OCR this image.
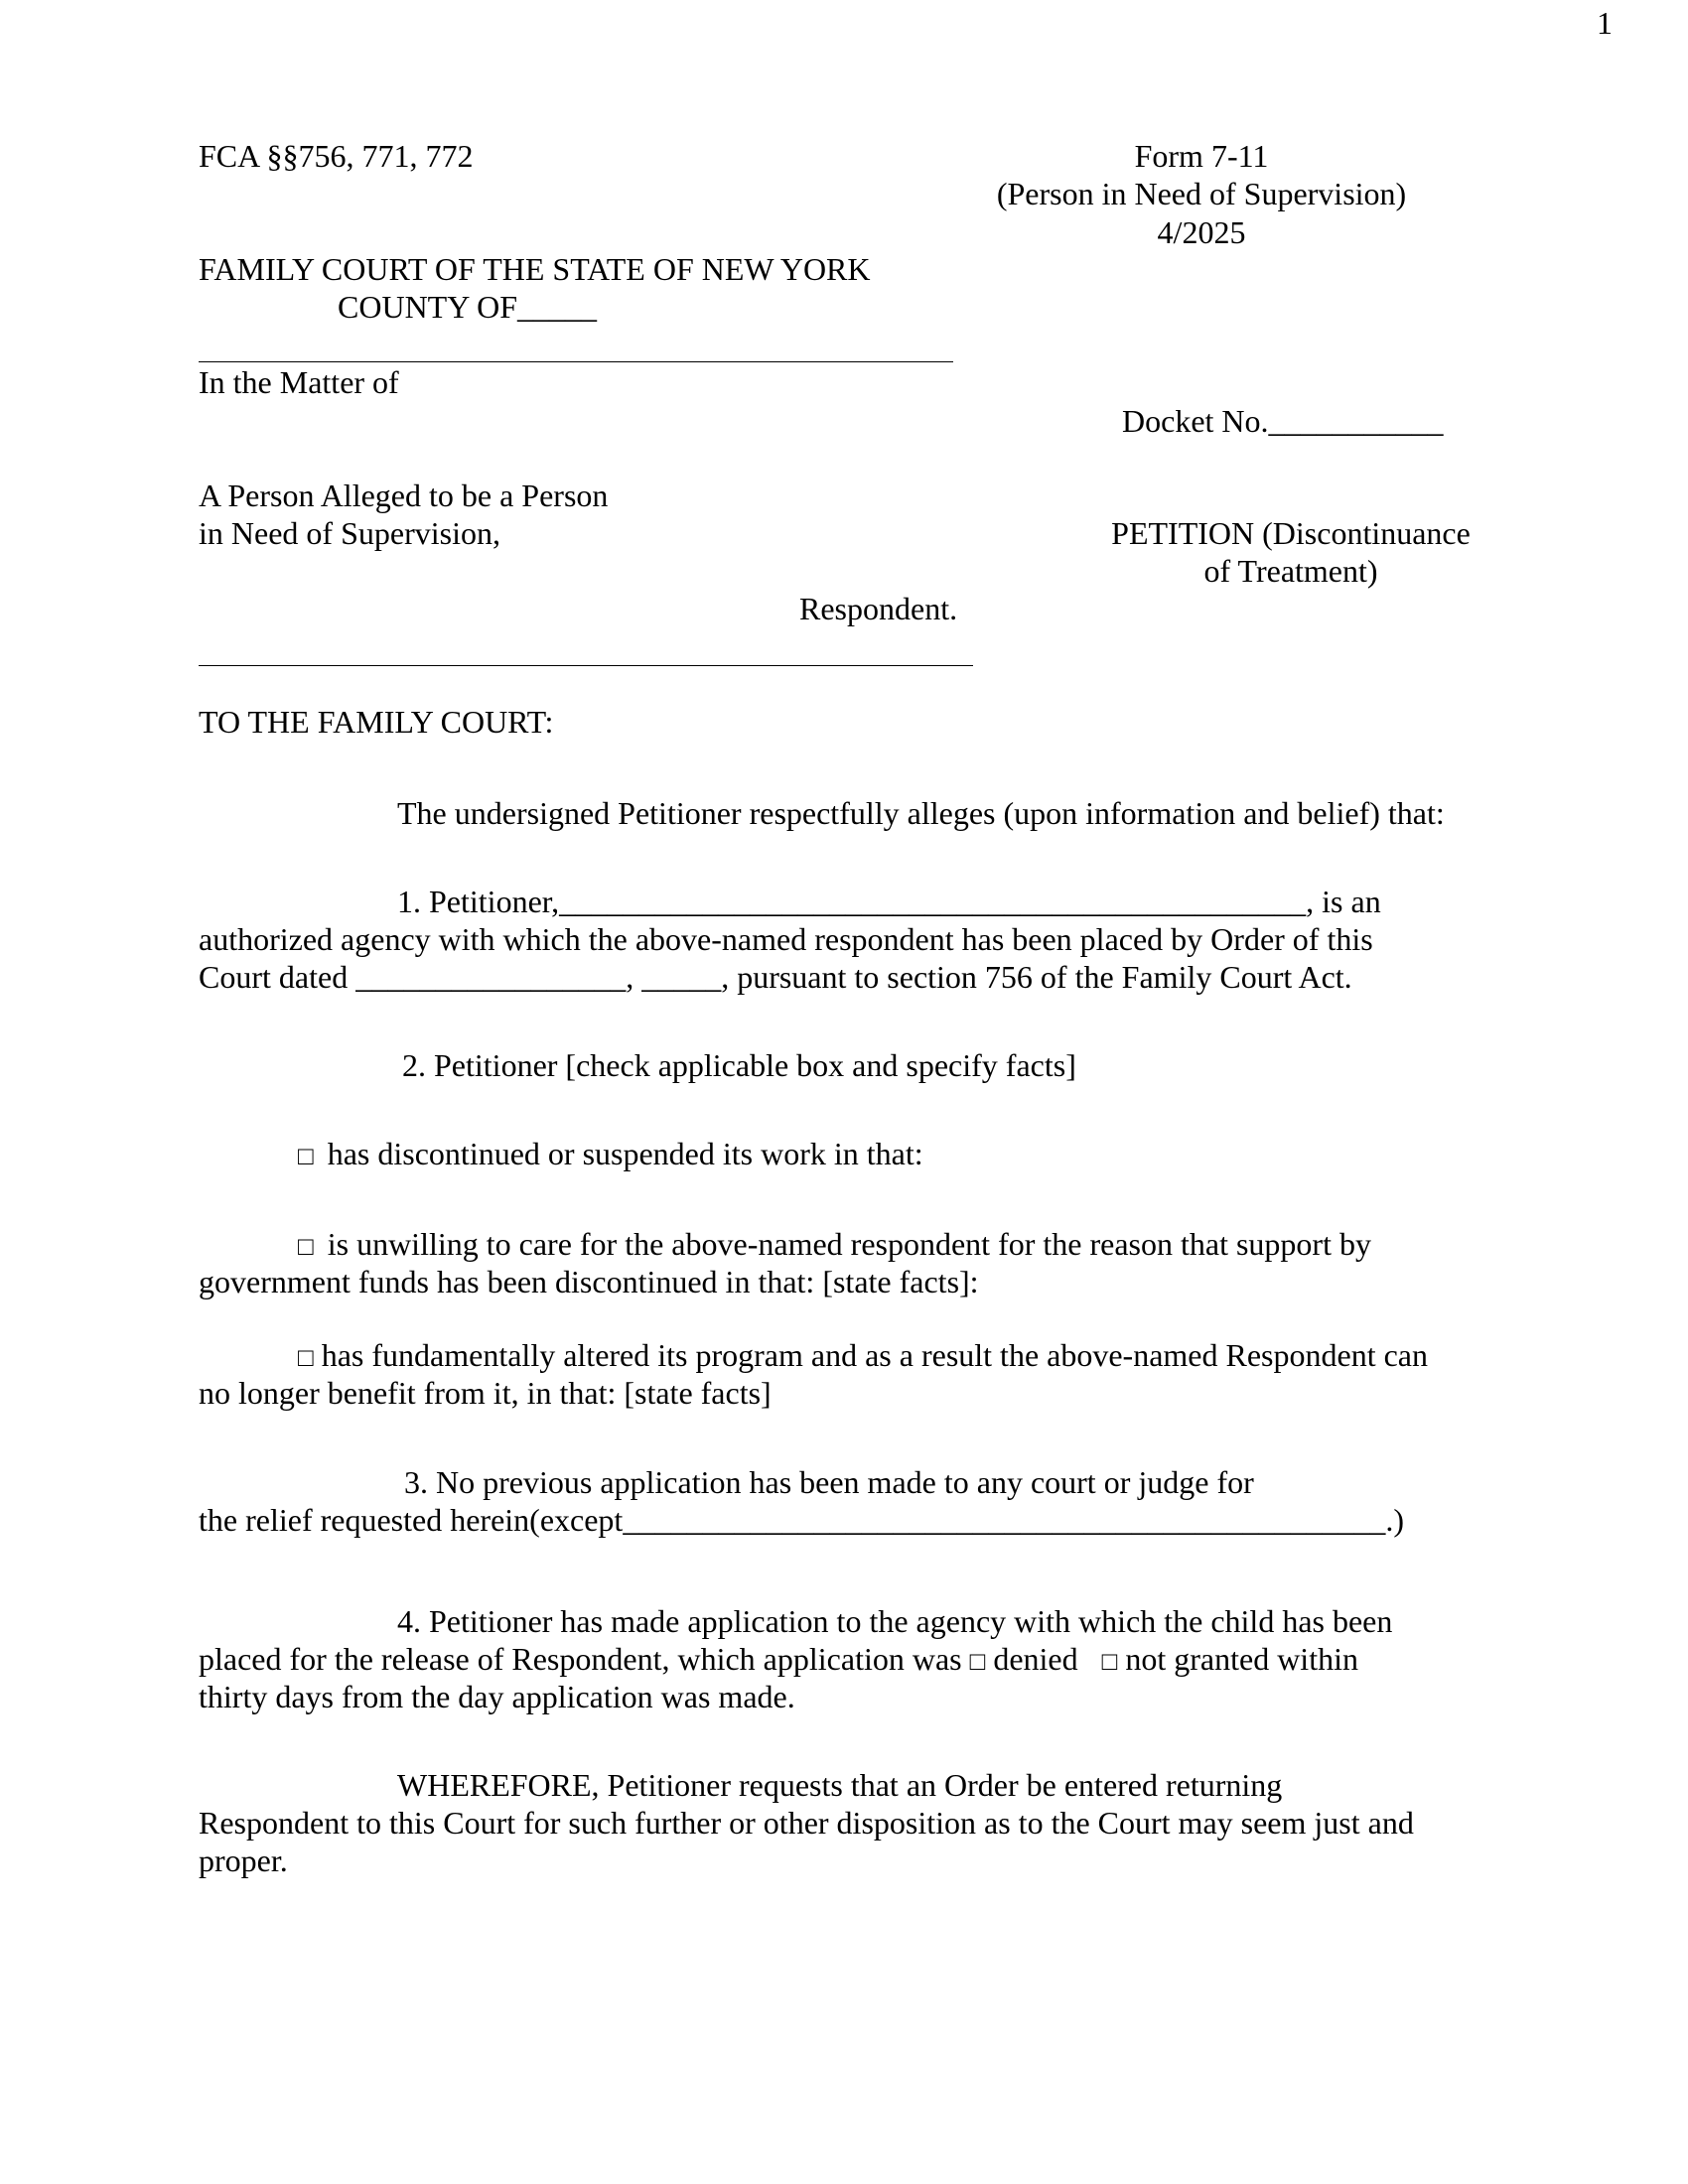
1
FCA §§756, 771, 772	Form 7-11
(Person in Need of Supervision)
4/2025
FAMILY COURT OF THE STATE OF NEW YORK
COUNTY OF_____
In the Matter of
Docket No.___________
A Person Alleged to be a Person
in Need of Supervision,	PETITION (Discontinuance
of Treatment)
Respondent.
TO THE FAMILY COURT:
The undersigned Petitioner respectfully alleges (upon information and belief) that:
1. Petitioner,_______________________________________________, is an
authorized agency with which the above-named respondent has been placed by Order of this
Court dated _________________, _____, pursuant to section 756 of the Family Court Act.
2. Petitioner [check applicable box and specify facts]
□ has discontinued or suspended its work in that:
□ is unwilling to care for the above-named respondent for the reason that support by
government funds has been discontinued in that: [state facts]:
□ has fundamentally altered its program and as a result the above-named Respondent can
no longer benefit from it, in that: [state facts]
3. No previous application has been made to any court or judge for
the relief requested herein(except________________________________________________.)
4. Petitioner has made application to the agency with which the child has been
placed for the release of Respondent, which application was □ denied □ not granted within
thirty days from the day application was made.
WHEREFORE, Petitioner requests that an Order be entered returning
Respondent to this Court for such further or other disposition as to the Court may seem just and
proper.
